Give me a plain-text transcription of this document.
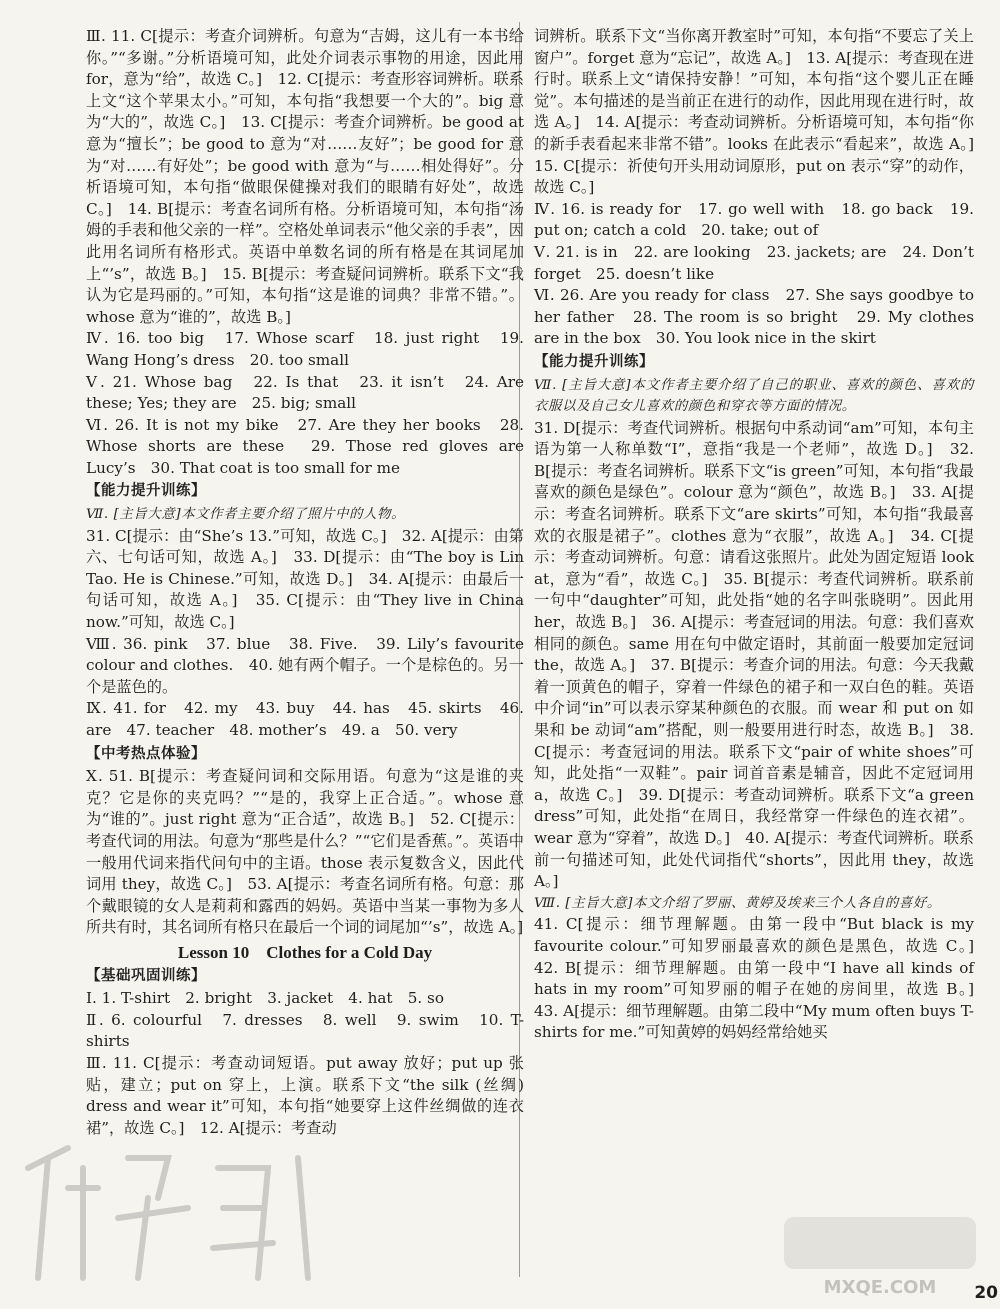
Ⅲ. 11. C[提示：考查介词辨析。句意为“吉姆，这儿有一本书给你。”“多谢。”分析语境可知，此处介词表示事物的用途，因此用 for，意为“给”，故选 C。]　12. C[提示：考查形容词辨析。联系上文“这个苹果太小。”可知，本句指“我想要一个大的”。big 意为“大的”，故选 C。]　13. C[提示：考查介词辨析。be good at 意为“擅长”；be good to 意为“对……友好”；be good for 意为“对……有好处”；be good with 意为“与……相处得好”。分析语境可知，本句指“做眼保健操对我们的眼睛有好处”，故选 C。]　14. B[提示：考查名词所有格。分析语境可知，本句指“汤姆的手表和他父亲的一样”。空格处单词表示“他父亲的手表”，因此用名词所有格形式。英语中单数名词的所有格是在其词尾加上“’s”，故选 B。]　15. B[提示：考查疑问词辨析。联系下文“我认为它是玛丽的。”可知，本句指“这是谁的词典？非常不错。”。whose 意为“谁的”，故选 B。]

Ⅳ. 16. too big　17. Whose scarf　18. just right　19. Wang Hong’s dress　20. too small

Ⅴ. 21. Whose bag　22. Is that　23. it isn’t　24. Are these; Yes; they are　25. big; small

Ⅵ. 26. It is not my bike　27. Are they her books　28. Whose shorts are these　29. Those red gloves are Lucy’s　30. That coat is too small for me

【能力提升训练】

Ⅶ. [主旨大意]本文作者主要介绍了照片中的人物。

31. C[提示：由“She’s 13.”可知，故选 C。]　32. A[提示：由第六、七句话可知，故选 A。]　33. D[提示：由“The boy is Lin Tao. He is Chinese.”可知，故选 D。]　34. A[提示：由最后一句话可知，故选 A。]　35. C[提示：由“They live in China now.”可知，故选 C。]

Ⅷ. 36. pink　37. blue　38. Five.　39. Lily’s favourite colour and clothes.　40. 她有两个帽子。一个是棕色的。另一个是蓝色的。

Ⅸ. 41. for　42. my　43. buy　44. has　45. skirts　46. are　47. teacher　48. mother’s　49. a　50. very

【中考热点体验】

Ⅹ. 51. B[提示：考查疑问词和交际用语。句意为“这是谁的夹克？它是你的夹克吗？”“是的，我穿上正合适。”。whose 意为“谁的”。just right 意为“正合适”，故选 B。]　52. C[提示：考查代词的用法。句意为“那些是什么？”“它们是香蕉。”。英语中一般用代词来指代问句中的主语。those 表示复数含义，因此代词用 they，故选 C。]　53. A[提示：考查名词所有格。句意：那个戴眼镜的女人是莉莉和露西的妈妈。英语中当某一事物为多人所共有时，其名词所有格只在最后一个词的词尾加“’s”，故选 A。]

Lesson 10　Clothes for a Cold Day

【基础巩固训练】

Ⅰ. 1. T-shirt　2. bright　3. jacket　4. hat　5. so

Ⅱ. 6. colourful　7. dresses　8. well　9. swim　10. T-shirts

Ⅲ. 11. C[提示：考查动词短语。put away 放好；put up 张贴，建立；put on 穿上，上演。联系下文“the silk (丝绸) dress and wear it”可知，本句指“她要穿上这件丝绸做的连衣裙”，故选 C。]　12. A[提示：考查动

词辨析。联系下文“当你离开教室时”可知，本句指“不要忘了关上窗户”。forget 意为“忘记”，故选 A。]　13. A[提示：考查现在进行时。联系上文“请保持安静！”可知，本句指“这个婴儿正在睡觉”。本句描述的是当前正在进行的动作，因此用现在进行时，故选 A。]　14. A[提示：考查动词辨析。分析语境可知，本句指“你的新手表看起来非常不错”。looks 在此表示“看起来”，故选 A。]　15. C[提示：祈使句开头用动词原形，put on 表示“穿”的动作，故选 C。]

Ⅳ. 16. is ready for　17. go well with　18. go back　19. put on; catch a cold　20. take; out of

Ⅴ. 21. is in　22. are looking　23. jackets; are　24. Don’t forget　25. doesn’t like

Ⅵ. 26. Are you ready for class　27. She says goodbye to her father　28. The room is so bright　29. My clothes are in the box　30. You look nice in the skirt

【能力提升训练】

Ⅶ. [主旨大意]本文作者主要介绍了自己的职业、喜欢的颜色、喜欢的衣服以及自己女儿喜欢的颜色和穿衣等方面的情况。

31. D[提示：考查代词辨析。根据句中系动词“am”可知，本句主语为第一人称单数“I”，意指“我是一个老师”，故选 D。]　32. B[提示：考查名词辨析。联系下文“is green”可知，本句指“我最喜欢的颜色是绿色”。colour 意为“颜色”，故选 B。]　33. A[提示：考查名词辨析。联系下文“are skirts”可知，本句指“我最喜欢的衣服是裙子”。clothes 意为“衣服”，故选 A。]　34. C[提示：考查动词辨析。句意：请看这张照片。此处为固定短语 look at，意为“看”，故选 C。]　35. B[提示：考查代词辨析。联系前一句中“daughter”可知，此处指“她的名字叫张晓明”。因此用 her，故选 B。]　36. A[提示：考查冠词的用法。句意：我们喜欢相同的颜色。same 用在句中做定语时，其前面一般要加定冠词 the，故选 A。]　37. B[提示：考查介词的用法。句意：今天我戴着一顶黄色的帽子，穿着一件绿色的裙子和一双白色的鞋。英语中介词“in”可以表示穿某种颜色的衣服。而 wear 和 put on 如果和 be 动词“am”搭配，则一般要用进行时态，故选 B。]　38. C[提示：考查冠词的用法。联系下文“pair of white shoes”可知，此处指“一双鞋”。pair 词首音素是辅音，因此不定冠词用 a，故选 C。]　39. D[提示：考查动词辨析。联系下文“a green dress”可知，此处指“在周日，我经常穿一件绿色的连衣裙”。wear 意为“穿着”，故选 D。]　40. A[提示：考查代词辨析。联系前一句描述可知，此处代词指代“shorts”，因此用 they，故选 A。]

Ⅷ. [主旨大意]本文介绍了罗丽、黄婷及埃来三个人各自的喜好。

41. C[提示：细节理解题。由第一段中“But black is my favourite colour.”可知罗丽最喜欢的颜色是黑色，故选 C。]　42. B[提示：细节理解题。由第一段中“I have all kinds of hats in my room”可知罗丽的帽子在她的房间里，故选 B。]　43. A[提示：细节理解题。由第二段中“My mum often buys T-shirts for me.”可知黄婷的妈妈经常给她买

MXQE.COM 20
